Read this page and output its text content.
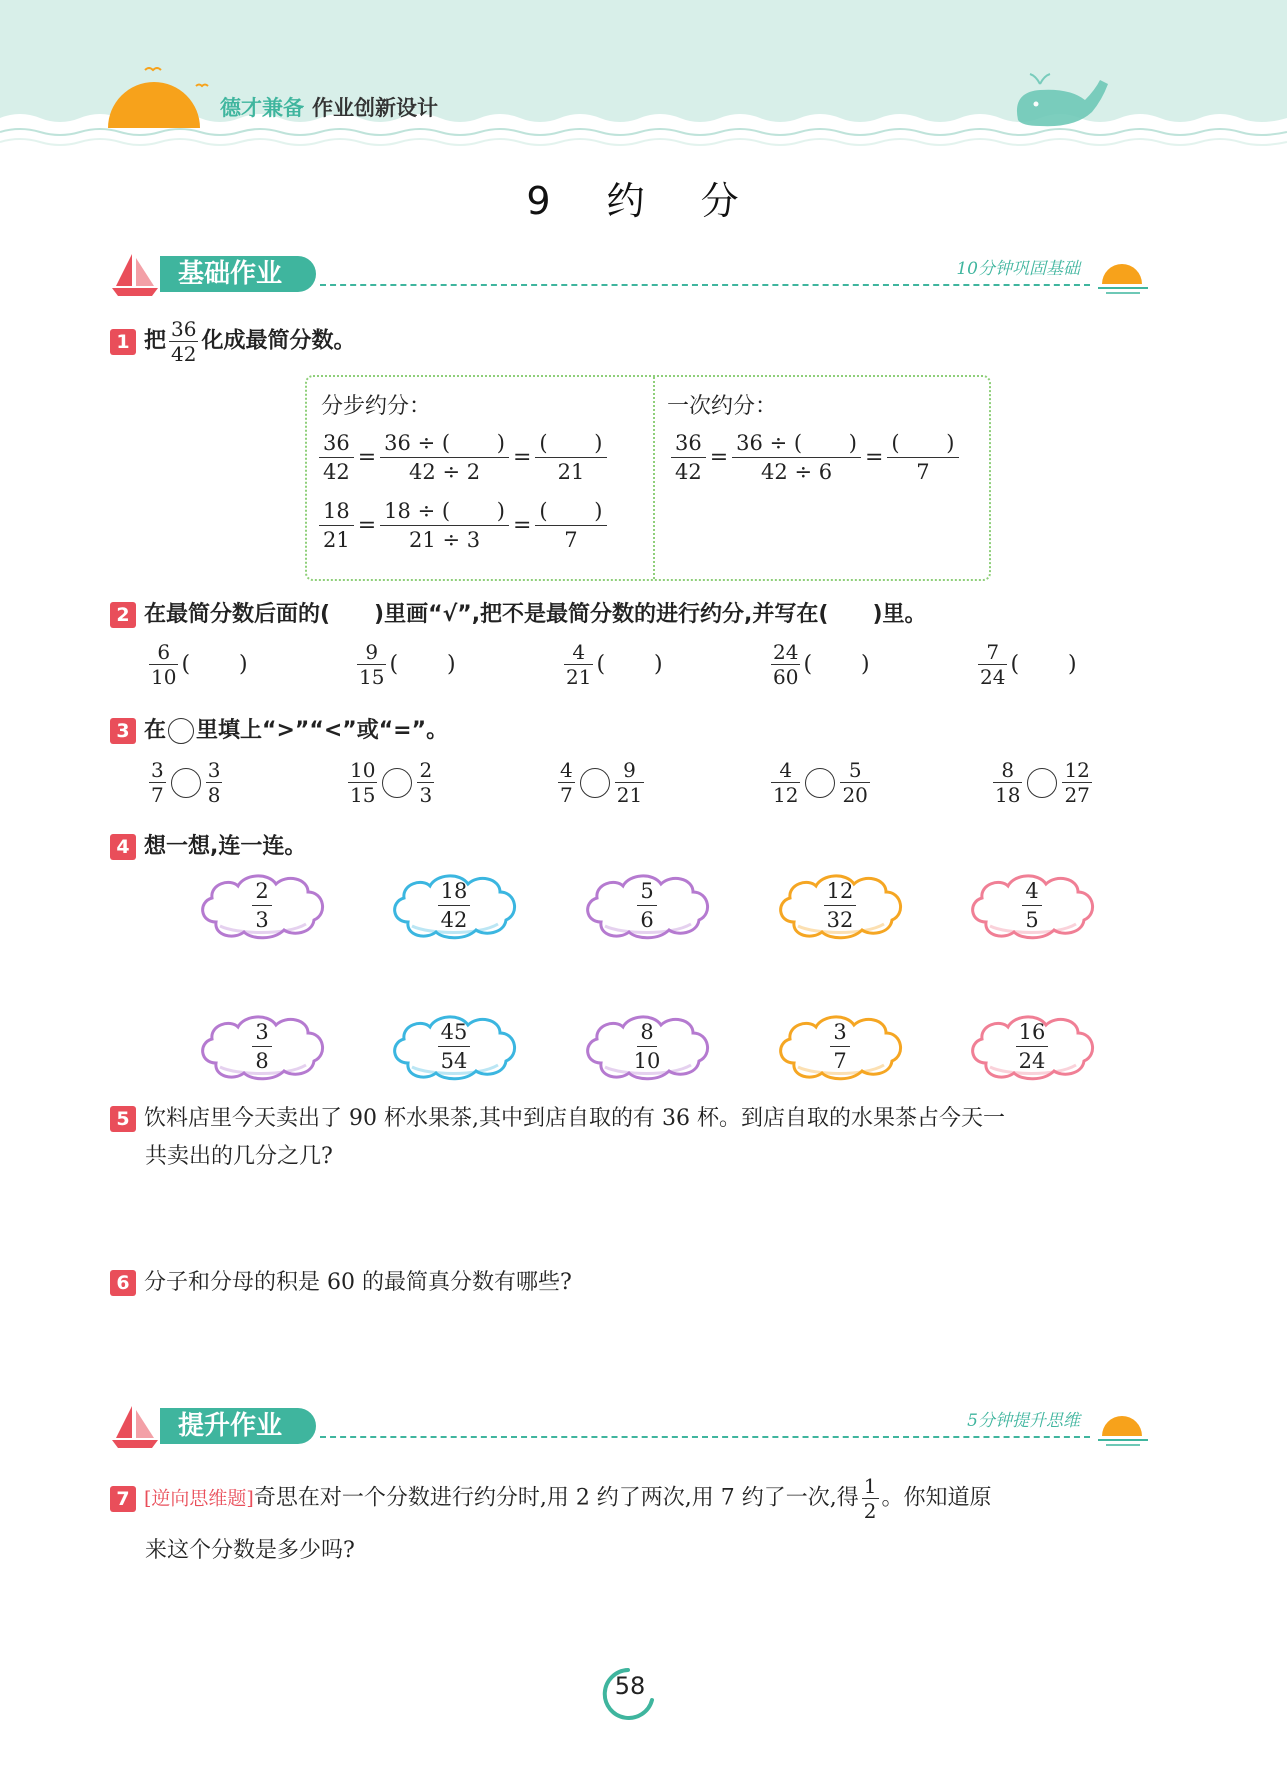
德才兼备 作业创新设计
9 约 分
基础作业	10分钟巩固基础
1 把 $\frac{36}{42}$ 化成最简分数。
分步约分：	一次约分：
$\frac{36}{42} = \frac{36 \div ( )}{42 \div 2}$ =
(       )
21
$\frac{18}{21} = \frac{18 \div ( )}{21 \div 3}$ =
(       )
7
$\frac{36}{42} = \frac{36 \div ( )}{42 \div 6}$ =
(       )
7
2 在最简分数后面的(　　)里画“√”,把不是最简分数的进行约分,并写在(　　)里。
$\frac{6}{10}$ (       )	$\frac{9}{15}$ (       )	$\frac{4}{21}$ (       )	$\frac{24}{60}$ (       )	$\frac{7}{24}$ (       )
3 在 里填上“>”“<”或“=”。
$\frac{3}{7} \frac{3}{8}$	$\frac{10}{15} \frac{2}{3}$	$\frac{4}{7} \frac{9}{21}$	$\frac{4}{12} \frac{5}{20}$	$\frac{8}{18} \frac{12}{27}$
4 想一想,连一连。
$\frac{2}{3}$	$\frac{18}{42}$	$\frac{5}{6}$	$\frac{12}{32}$	$\frac{4}{5}$
$\frac{3}{8}$	$\frac{45}{54}$	$\frac{8}{10}$	$\frac{3}{7}$	$\frac{16}{24}$
5 饮料店里今天卖出了 90 杯水果茶,其中到店自取的有 36 杯。到店自取的水果茶占今天一
共卖出的几分之几?
6 分子和分母的积是 60 的最简真分数有哪些?
提升作业	5分钟提升思维
7 [逆向思维题]奇思在对一个分数进行约分时,用 2 约了两次,用 7 约了一次,得 $\frac{1}{2}$ 。你知道原
来这个分数是多少吗?
58
